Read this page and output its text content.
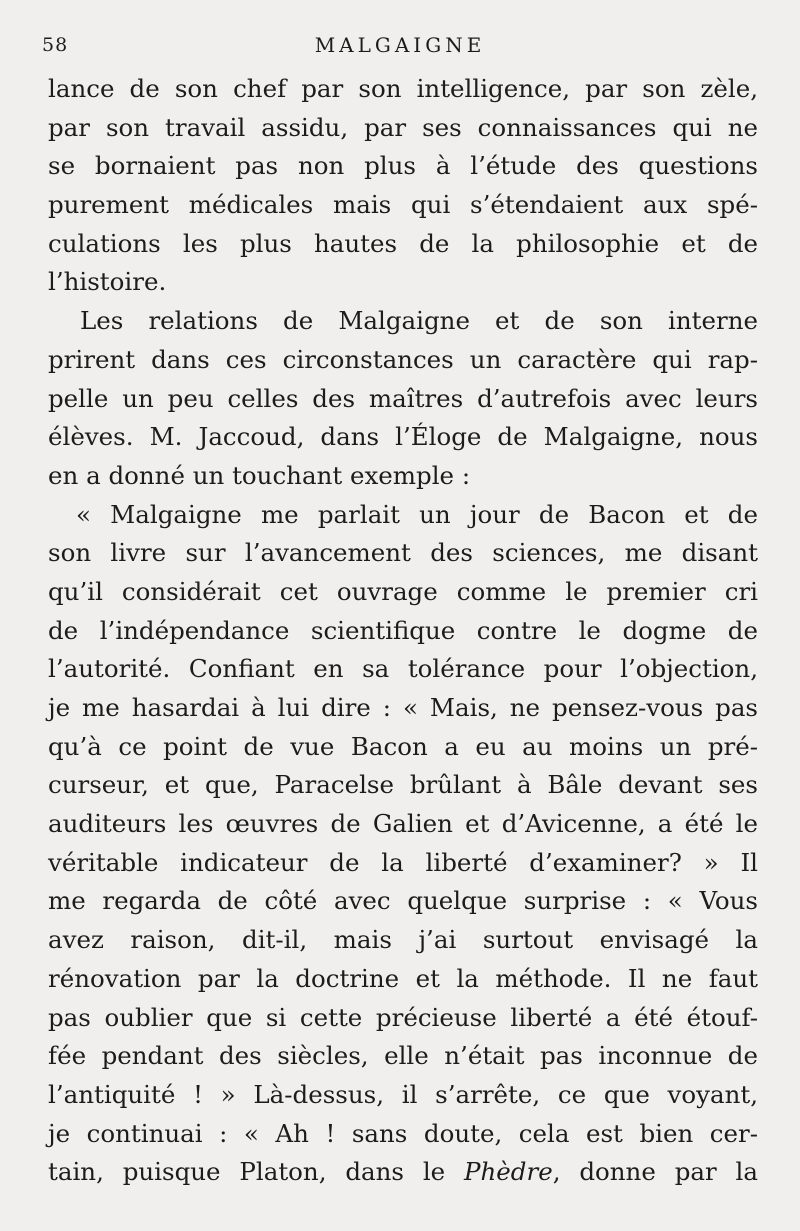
58	MALGAIGNE
lance de son chef par son intelligence, par son zèle,
par son travail assidu, par ses connaissances qui ne
se bornaient pas non plus à l’étude des questions
purement médicales mais qui s’étendaient aux spé-
culations les plus hautes de la philosophie et de
l’histoire.
Les relations de Malgaigne et de son interne
prirent dans ces circonstances un caractère qui rap-
pelle un peu celles des maîtres d’autrefois avec leurs
élèves. M. Jaccoud, dans l’Éloge de Malgaigne, nous
en a donné un touchant exemple :
« Malgaigne me parlait un jour de Bacon et de
son livre sur l’avancement des sciences, me disant
qu’il considérait cet ouvrage comme le premier cri
de l’indépendance scientifique contre le dogme de
l’autorité. Confiant en sa tolérance pour l’objection,
je me hasardai à lui dire : « Mais, ne pensez-vous pas
qu’à ce point de vue Bacon a eu au moins un pré-
curseur, et que, Paracelse brûlant à Bâle devant ses
auditeurs les œuvres de Galien et d’Avicenne, a été le
véritable indicateur de la liberté d’examiner? » Il
me regarda de côté avec quelque surprise : « Vous
avez raison, dit-il, mais j’ai surtout envisagé la
rénovation par la doctrine et la méthode. Il ne faut
pas oublier que si cette précieuse liberté a été étouf-
fée pendant des siècles, elle n’était pas inconnue de
l’antiquité ! » Là-dessus, il s’arrête, ce que voyant,
je continuai : « Ah ! sans doute, cela est bien cer-
tain, puisque Platon, dans le Phèdre, donne par la
